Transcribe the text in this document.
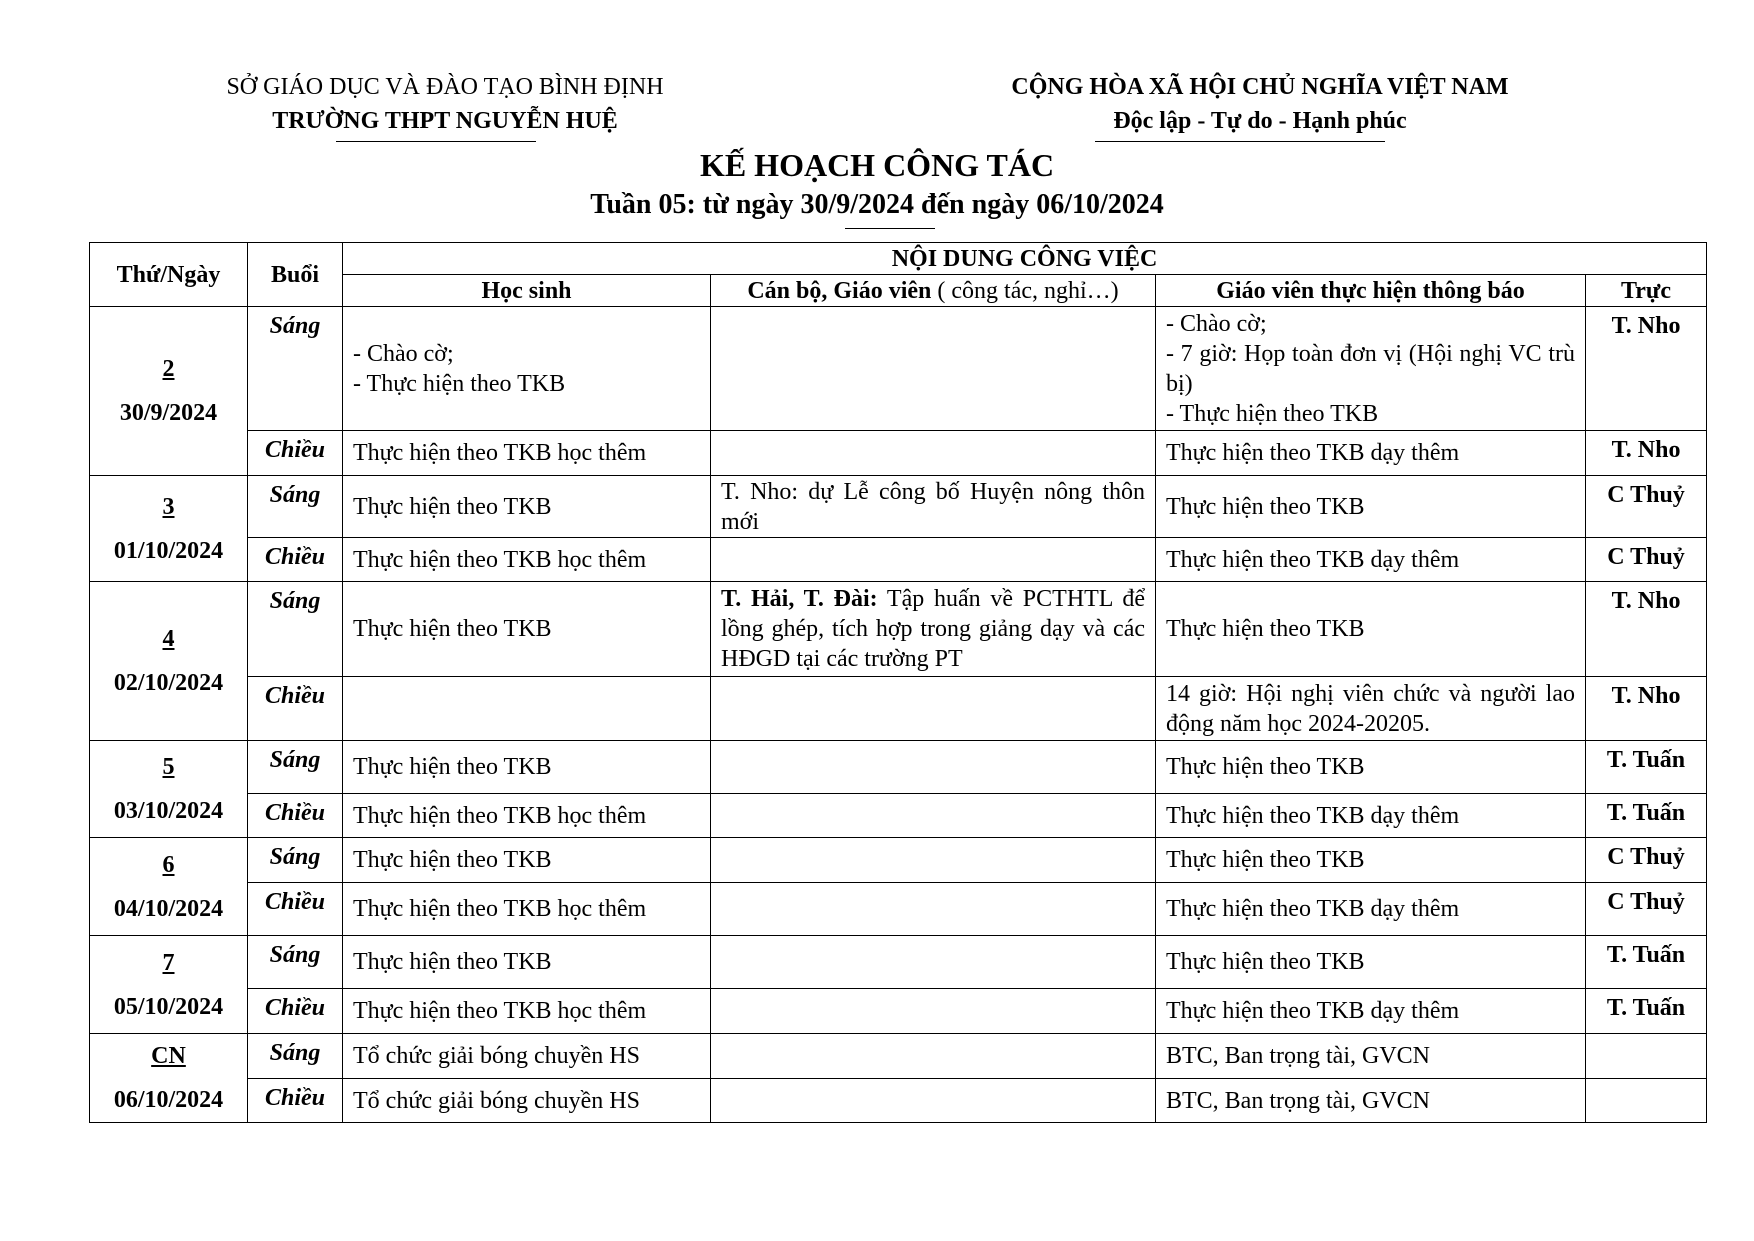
SỞ GIÁO DỤC VÀ ĐÀO TẠO BÌNH ĐỊNH
TRƯỜNG THPT NGUYỄN HUỆ
CỘNG HÒA XÃ HỘI CHỦ NGHĨA VIỆT NAM
Độc lập - Tự do - Hạnh phúc
KẾ HOẠCH CÔNG TÁC
Tuần 05: từ ngày 30/9/2024 đến ngày 06/10/2024
Thứ/Ngày	Buổi	NỘI DUNG CÔNG VIỆC			
		Học sinh	Cán bộ, Giáo viên ( công tác, nghỉ…)	Giáo viên thực hiện thông báo	Trực

2
30/9/2024	Sáng	- Chào cờ;
- Thực hiện theo TKB		- Chào cờ;
- 7 giờ: Họp toàn đơn vị (Hội nghị VC trù bị)
- Thực hiện theo TKB	T. Nho
	Chiều	Thực hiện theo TKB học thêm		Thực hiện theo TKB dạy thêm	T. Nho

3
01/10/2024	Sáng	Thực hiện theo TKB	T. Nho: dự Lễ công bố Huyện nông thôn mới	Thực hiện theo TKB	C Thuỷ
	Chiều	Thực hiện theo TKB học thêm		Thực hiện theo TKB dạy thêm	C Thuỷ

4
02/10/2024	Sáng	Thực hiện theo TKB	T. Hải, T. Đài: Tập huấn về PCTHTL để lồng ghép, tích hợp trong giảng dạy và các HĐGD tại các trường PT	Thực hiện theo TKB	T. Nho
	Chiều			14 giờ: Hội nghị viên chức và người lao động năm học 2024-20205.	T. Nho

5
03/10/2024	Sáng	Thực hiện theo TKB		Thực hiện theo TKB	T. Tuấn
	Chiều	Thực hiện theo TKB học thêm		Thực hiện theo TKB dạy thêm	T. Tuấn

6
04/10/2024	Sáng	Thực hiện theo TKB		Thực hiện theo TKB	C Thuỷ
	Chiều	Thực hiện theo TKB học thêm		Thực hiện theo TKB dạy thêm	C Thuỷ

7
05/10/2024	Sáng	Thực hiện theo TKB		Thực hiện theo TKB	T. Tuấn
	Chiều	Thực hiện theo TKB học thêm		Thực hiện theo TKB dạy thêm	T. Tuấn

CN
06/10/2024	Sáng	Tổ chức giải bóng chuyền HS		BTC, Ban trọng tài, GVCN	

	Chiều	Tổ chức giải bóng chuyền HS		BTC, Ban trọng tài, GVCN	
